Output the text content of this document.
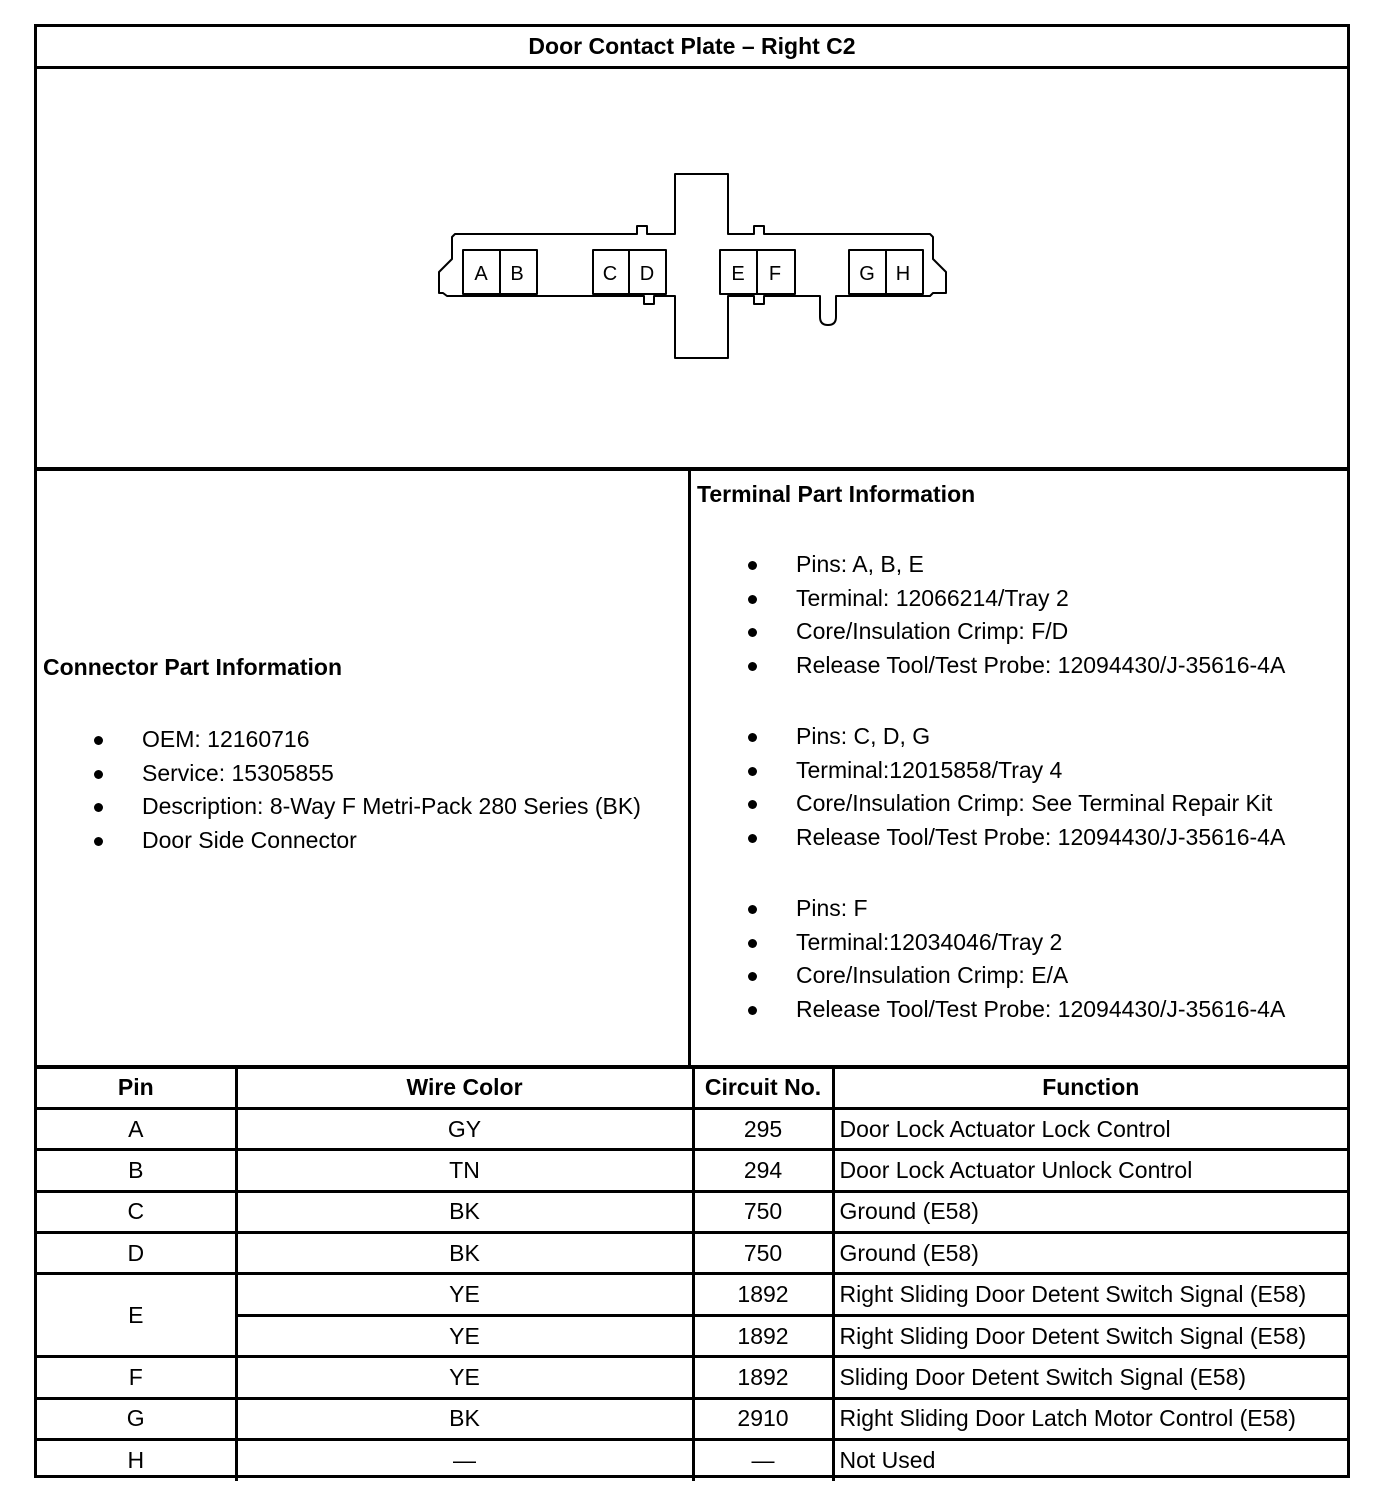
Door Contact Plate – Right C2
A B	C D	E F	G H
Connector Part Information
OEM: 12160716
Service: 15305855
Description: 8-Way F Metri-Pack 280 Series (BK)
Door Side Connector
Terminal Part Information
Pins: A, B, E
Terminal: 12066214/Tray 2
Core/Insulation Crimp: F/D
Release Tool/Test Probe: 12094430/J-35616-4A
Pins: C, D, G
Terminal:12015858/Tray 4
Core/Insulation Crimp: See Terminal Repair Kit
Release Tool/Test Probe: 12094430/J-35616-4A
Pins: F
Terminal:12034046/Tray 2
Core/Insulation Crimp: E/A
Release Tool/Test Probe: 12094430/J-35616-4A
Pin	Wire Color	Circuit No.	Function
A	GY	295	Door Lock Actuator Lock Control
B	TN	294	Door Lock Actuator Unlock Control
C	BK	750	Ground (E58)
D	BK	750	Ground (E58)
E	YE	1892	Right Sliding Door Detent Switch Signal (E58)
	YE	1892	Right Sliding Door Detent Switch Signal (E58)
F	YE	1892	Sliding Door Detent Switch Signal (E58)
G	BK	2910	Right Sliding Door Latch Motor Control (E58)
H	—	—	Not Used
